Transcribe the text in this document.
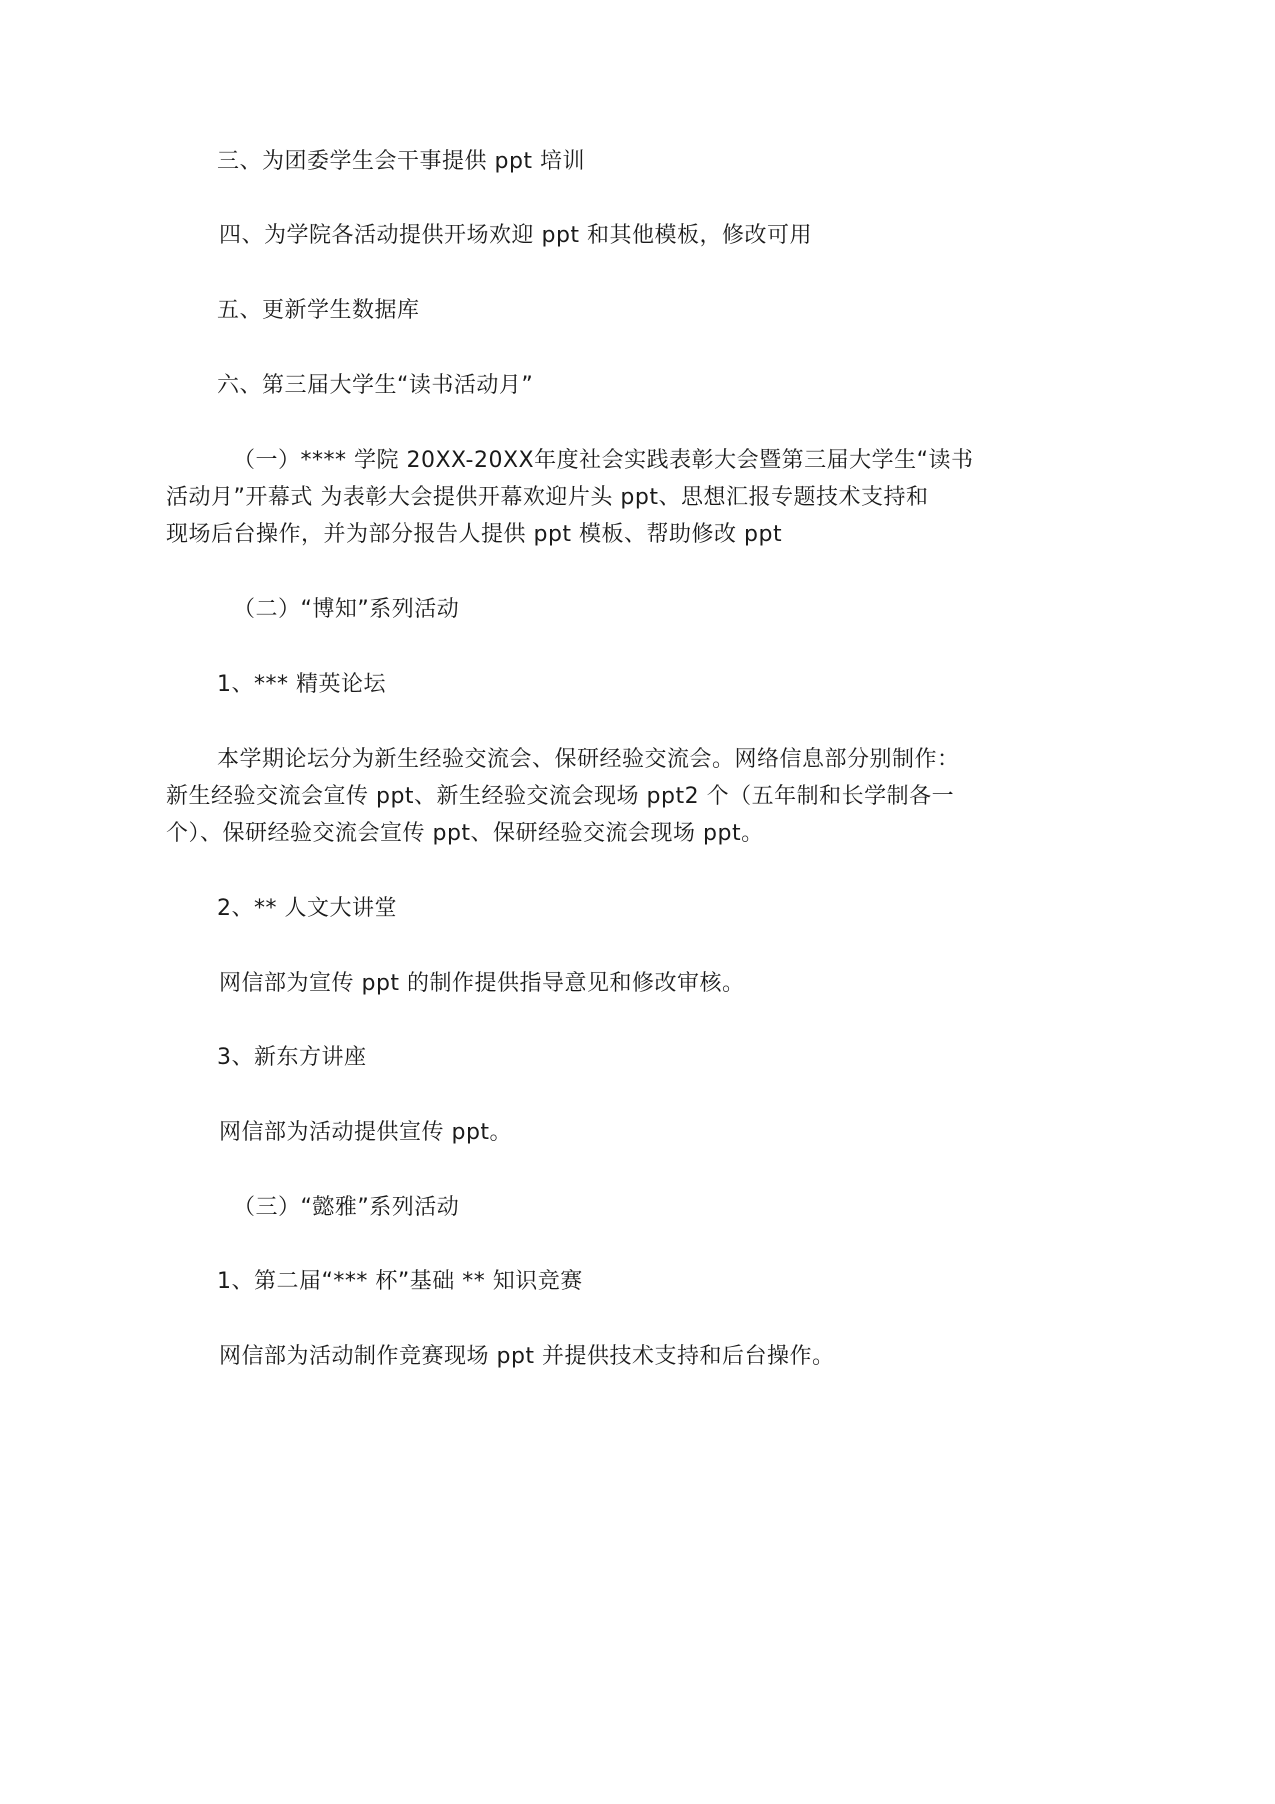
三、为团委学生会干事提供 ppt 培训
四、为学院各活动提供开场欢迎 ppt 和其他模板，修改可用
五、更新学生数据库
六、第三届大学生“读书活动月”
（一）**** 学院 20XX-20XX年度社会实践表彰大会暨第三届大学生“读书
活动月”开幕式 为表彰大会提供开幕欢迎片头 ppt、思想汇报专题技术支持和
现场后台操作，并为部分报告人提供 ppt 模板、帮助修改 ppt
（二）“博知”系列活动
1、*** 精英论坛
本学期论坛分为新生经验交流会、保研经验交流会。网络信息部分别制作：
新生经验交流会宣传 ppt、新生经验交流会现场 ppt2 个（五年制和长学制各一
个）、保研经验交流会宣传 ppt、保研经验交流会现场 ppt。
2、** 人文大讲堂
网信部为宣传 ppt 的制作提供指导意见和修改审核。
3、新东方讲座
网信部为活动提供宣传 ppt。
（三）“懿雅”系列活动
1、第二届“*** 杯”基础 ** 知识竞赛
网信部为活动制作竞赛现场 ppt 并提供技术支持和后台操作。
